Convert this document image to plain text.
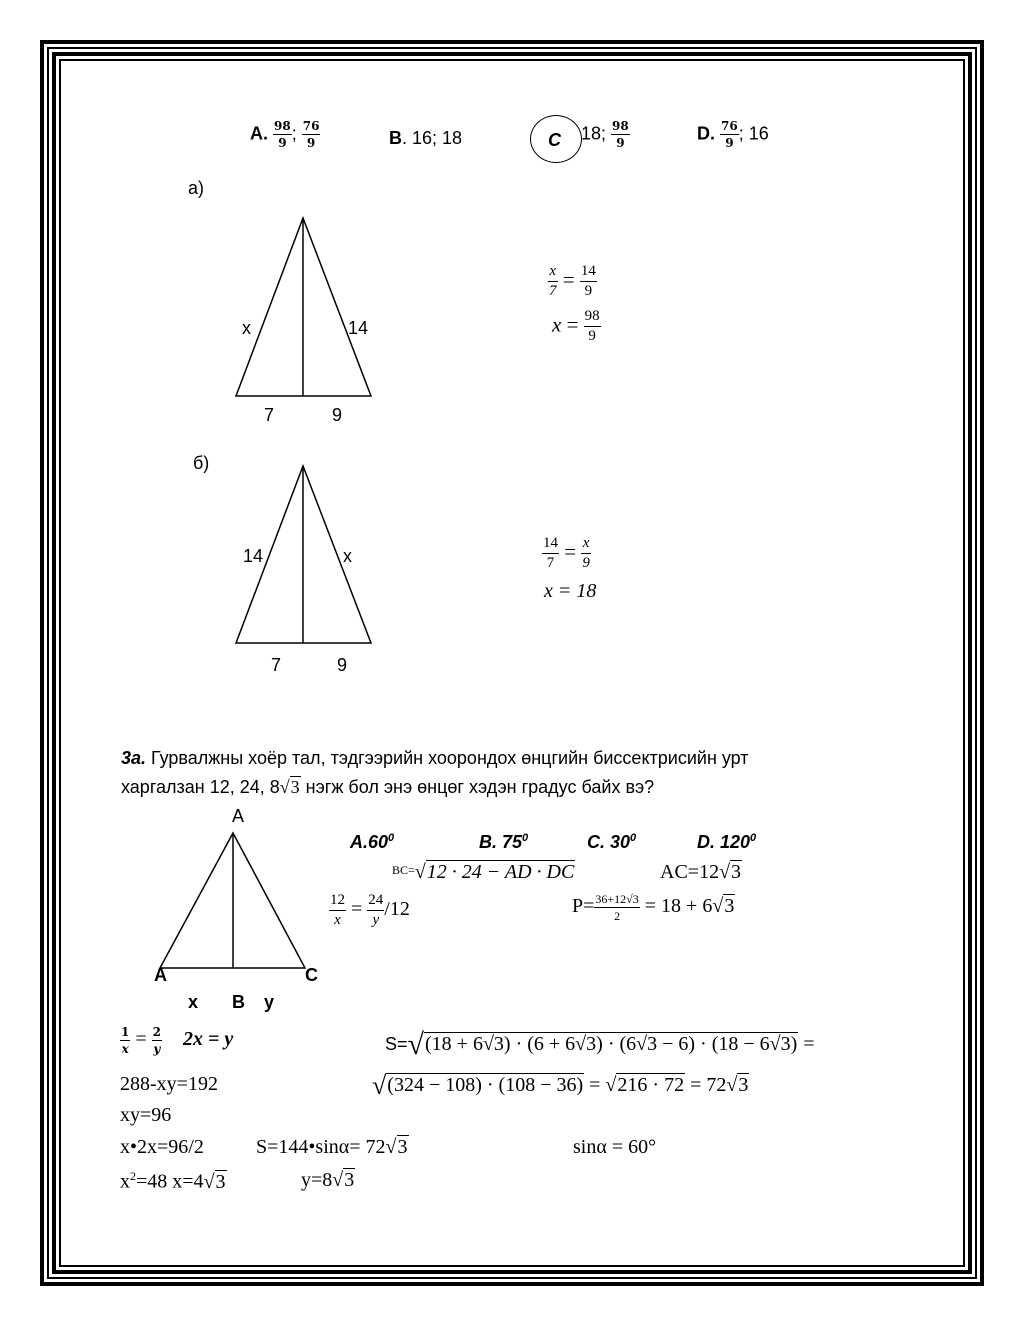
A. $\frac{98}{9}$ ; $\frac{76}{9}$	B. 16; 18	C 18; $\frac{98}{9}$	D. $\frac{76}{9}$ ; 16
а)
x	14
7	9
$\frac{x}{7} = \frac{14}{9}$
$x = \frac{98}{9}$
б)
14	x
7	9
$\frac{14}{7} = \frac{x}{9}$
x = 18
3a. Гурвалжны хоёр тал, тэдгээрийн хоорондох өнцгийн биссектрисийн урт
харгалзан 12, 24, 8√3 нэгж бол энэ өнцөг хэдэн градус байх вэ?
A
A	C
x B y
$A.60^0$	B. $75^0$	C. $30^0$	D. $120^0$
$^{BC=}$√12 · 24 − AD · DC	AC=12√3
$\frac{12}{x} = \frac{24}{y} /12$	$P= \frac{36+12√3}{2} = 18 + 6√3$
$\frac{1}{x} = \frac{2}{y} 2x = y$	S=√(18 + 6√3) · (6 + 6√3) · (6√3 − 6) · (18 − 6√3) =
288-xy=192	√(324 − 108) · (108 − 36) = √216 · 72 = 72√3
xy=96
x•2x=96/2	S=144•sinα= 72√3	sinα = 60°
$x^2=48$ x=4√3	y=8√3
